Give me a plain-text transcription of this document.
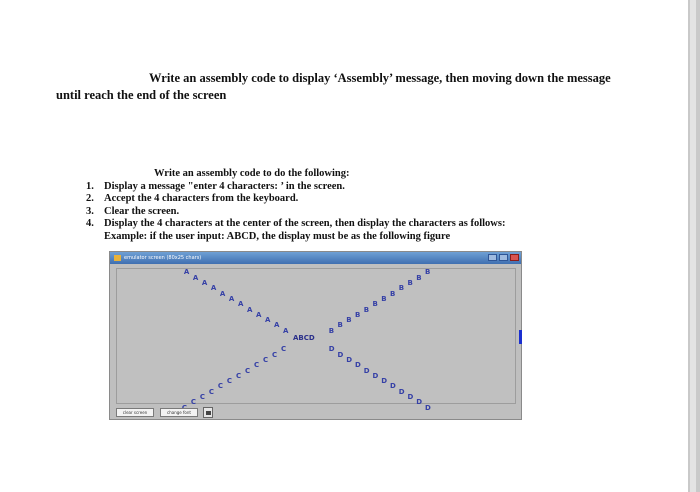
Write an assembly code to display ‘Assembly’ message, then moving down the message
until reach the end of the screen
Write an assembly code to do the following:
1. Display a message "enter 4 characters: ’ in the screen.
2. Accept the 4 characters from the keyboard.
3. Clear the screen.
4. Display the 4 characters at the center of the screen, then display the characters as follows:
Example: if the user input: ABCD, the display must be as the following figure
emulator screen (80x25 chars)
ABCD
A	B
C	D
A	B
C	D
A	B
C	D
A	B
C	D
A	B
C	D
A	B
C	D
A	B
C	D
A	B
C	D
A	B
C	D
A	B
C	D
A	B
C	D
A	B
D
clear screen	change font
